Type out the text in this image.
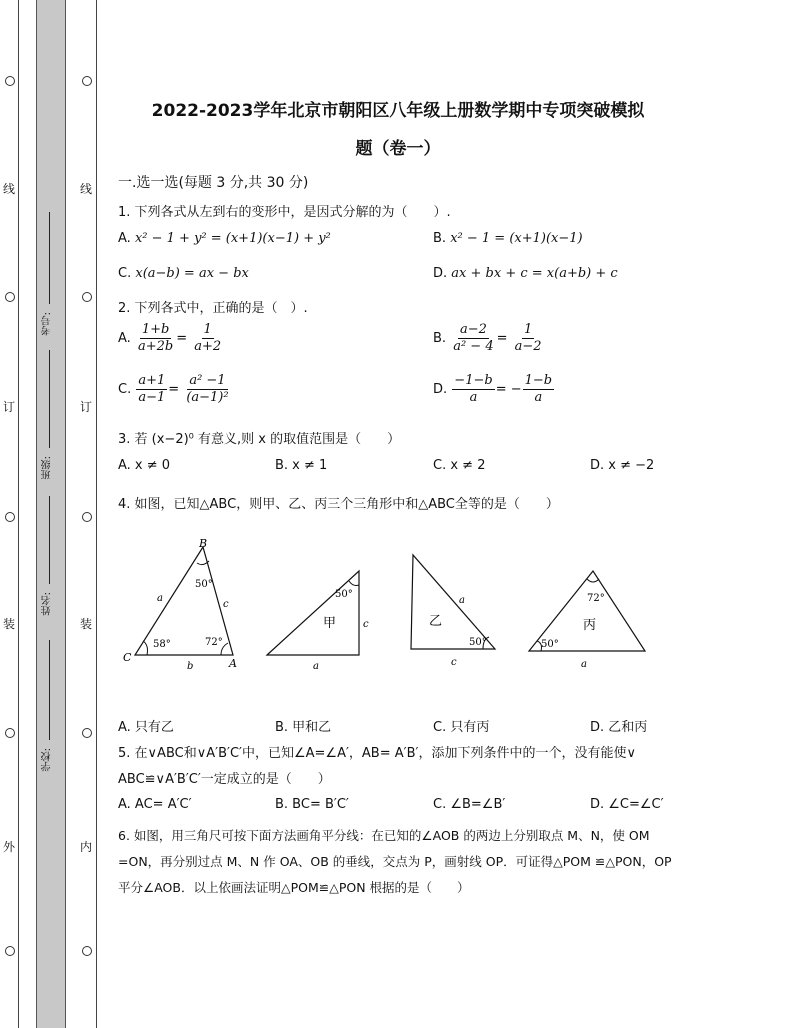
线
订
装
外
线
订
装
内
考号:
班级:
姓名:
学校:
2022-2023学年北京市朝阳区八年级上册数学期中专项突破模拟
题（卷一）
一.选一选(每题 3 分,共 30 分)
1. 下列各式从左到右的变形中，是因式分解的为（　　）.
A. x² − 1 + y² = (x+1)(x−1) + y²	B. x² − 1 = (x+1)(x−1)
C. x(a−b) = ax − bx	D. ax + bx + c = x(a+b) + c
2. 下列各式中，正确的是（　）.
A. $\frac{1+b}{a+2b} = \frac{1}{a+2}$	B. $\frac{a-2}{\text{a² − 4}} = \frac{1}{a-2}$
C. $\frac{a+1}{a-1} = \frac{\text{a² −1}}{\text{(a−1)²}}$	D. $\frac{-1-b}{a}$ = − $\frac{1-b}{a}$
3. 若 (x−2)⁰ 有意义,则 x 的取值范围是（　　）
A. x ≠ 0	B. x ≠ 1	C. x ≠ 2	D. x ≠ −2
4. 如图，已知△ABC，则甲、乙、丙三个三角形中和△ABC全等的是（　　）
B
C	A
50°
58°	72°
a
b
c
50°
甲	c
a
50°
乙
a
c
72°
50°
丙
a
A. 只有乙	B. 甲和乙	C. 只有丙	D. 乙和丙
5. 在∨ABC和∨A′B′C′中，已知∠A=∠A′，AB= A′B′，添加下列条件中的一个，没有能使∨
ABC≌∨A′B′C′一定成立的是（　　）
A. AC= A′C′	B. BC= B′C′	C. ∠B=∠B′	D. ∠C=∠C′
6. 如图，用三角尺可按下面方法画角平分线：在已知的∠AOB 的两边上分别取点 M、N，使 OM
=ON，再分别过点 M、N 作 OA、OB 的垂线，交点为 P，画射线 OP．可证得△POM ≌△PON，OP
平分∠AOB．以上依画法证明△POM≌△PON 根据的是（　　）
